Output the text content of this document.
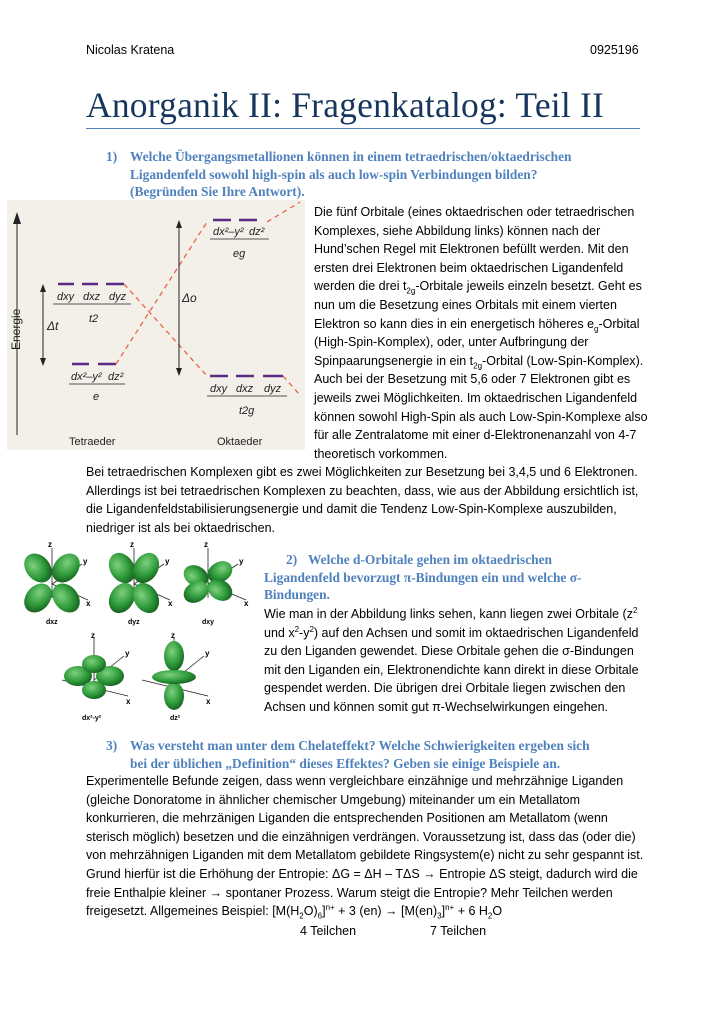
Nicolas Kratena	0925196
Anorganik II: Fragenkatalog: Teil II
1) Welche Übergangsmetallionen können in einem tetraedrischen/oktaedrischen
Ligandenfeld sowohl high-spin als auch low-spin Verbindungen bilden?
(Begründen Sie Ihre Antwort).
Energie Δt
dxy dxz dyz
t2
dx²–y² dz²
e
Δo
dx²–y² dz²
eg
dxy dxz dyz
t2g
Tetraeder	Oktaeder
Die fünf Orbitale (eines oktaedrischen oder tetraedrischen
Komplexes, siehe Abbildung links) können nach der
Hund’schen Regel mit Elektronen befüllt werden. Mit den
ersten drei Elektronen beim oktaedrischen Ligandenfeld
werden die drei $t_{2g}$-Orbitale jeweils einzeln besetzt. Geht es
nun um die Besetzung eines Orbitals mit einem vierten
Elektron so kann dies in ein energetisch höheres $e_g$-Orbital
(High-Spin-Komplex), oder, unter Aufbringung der
Spinpaarungsenergie in ein $t_{2g}$-Orbital (Low-Spin-Komplex).
Auch bei der Besetzung mit 5,6 oder 7 Elektronen gibt es
jeweils zwei Möglichkeiten. Im oktaedrischen Ligandenfeld
können sowohl High-Spin als auch Low-Spin-Komplexe also
für alle Zentralatome mit einer d-Elektronenanzahl von 4-7
theoretisch vorkommen.
Bei tetraedrischen Komplexen gibt es zwei Möglichkeiten zur Besetzung bei 3,4,5 und 6 Elektronen.
Allerdings ist bei tetraedrischen Komplexen zu beachten, dass, wie aus der Abbildung ersichtlich ist,
die Ligandenfeldstabilisierungsenergie und damit die Tendenz Low-Spin-Komplexe auszubilden,
niedriger ist als bei oktaedrischen.
z
y
x
dxz
z
y
x
dyz
z
y
x
dxy
z
y
x
dx²-y²
z
y
x
dz²
2) Welche d-Orbitale gehen im oktaedrischen
Ligandenfeld bevorzugt π-Bindungen ein und welche σ-
Bindungen.
Wie man in der Abbildung links sehen, kann liegen zwei Orbitale ($z^2$
und $x^2-y^2$) auf den Achsen und somit im oktaedrischen Ligandenfeld
zu den Liganden gewendet. Diese Orbitale gehen die σ-Bindungen
mit den Liganden ein, Elektronendichte kann direkt in diese Orbitale
gespendet werden. Die übrigen drei Orbitale liegen zwischen den
Achsen und können somit gut π-Wechselwirkungen eingehen.
3) Was versteht man unter dem Chelateffekt? Welche Schwierigkeiten ergeben sich
bei der üblichen „Definition“ dieses Effektes? Geben sie einige Beispiele an.
Experimentelle Befunde zeigen, dass wenn vergleichbare einzähnige und mehrzähnige Liganden
(gleiche Donoratome in ähnlicher chemischer Umgebung) miteinander um ein Metallatom
konkurrieren, die mehrzänigen Liganden die entsprechenden Positionen am Metallatom (wenn
sterisch möglich) besetzen und die einzähnigen verdrängen. Voraussetzung ist, dass das (oder die)
von mehrzähnigen Liganden mit dem Metallatom gebildete Ringsystem(e) nicht zu sehr gespannt ist.
Grund hierfür ist die Erhöhung der Entropie: ΔG = ΔH – TΔS → Entropie ΔS steigt, dadurch wird die
freie Enthalpie kleiner → spontaner Prozess. Warum steigt die Entropie? Mehr Teilchen werden
freigesetzt. Allgemeines Beispiel: $[M(H_2O)_6]^{n+} + 3$ $(en) \to [M(en)_3]^{n+} + 6$ $H_2O$
4 Teilchen	7 Teilchen
